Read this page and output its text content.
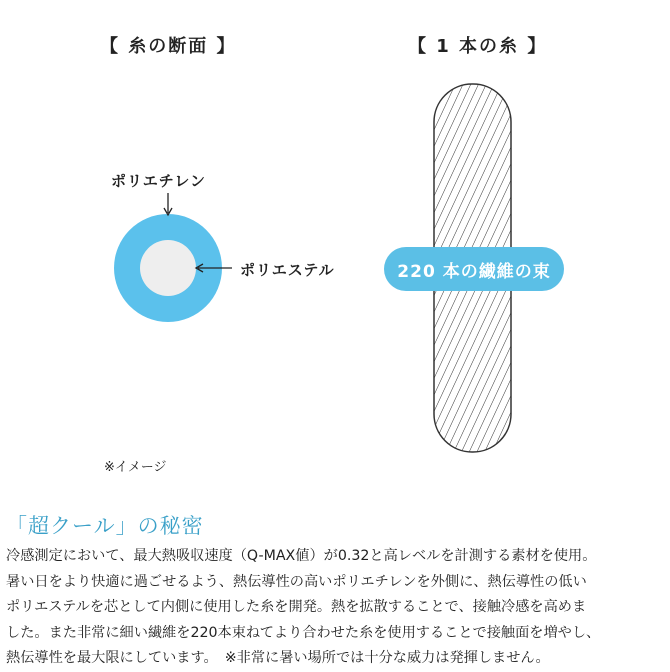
【 糸の断面 】	【 1 本の糸 】
ポリエチレン
ポリエステル	220 本の繊維の束
※イメージ
「超クール」の秘密
冷感測定において、最大熱吸収速度（Q-MAX値）が0.32と高レベルを計測する素材を使用。
暑い日をより快適に過ごせるよう、熱伝導性の高いポリエチレンを外側に、熱伝導性の低い
ポリエステルを芯として内側に使用した糸を開発。熱を拡散することで、接触冷感を高めま
した。また非常に細い繊維を220本束ねてより合わせた糸を使用することで接触面を増やし、
熱伝導性を最大限にしています。　※非常に暑い場所では十分な威力は発揮しません。
